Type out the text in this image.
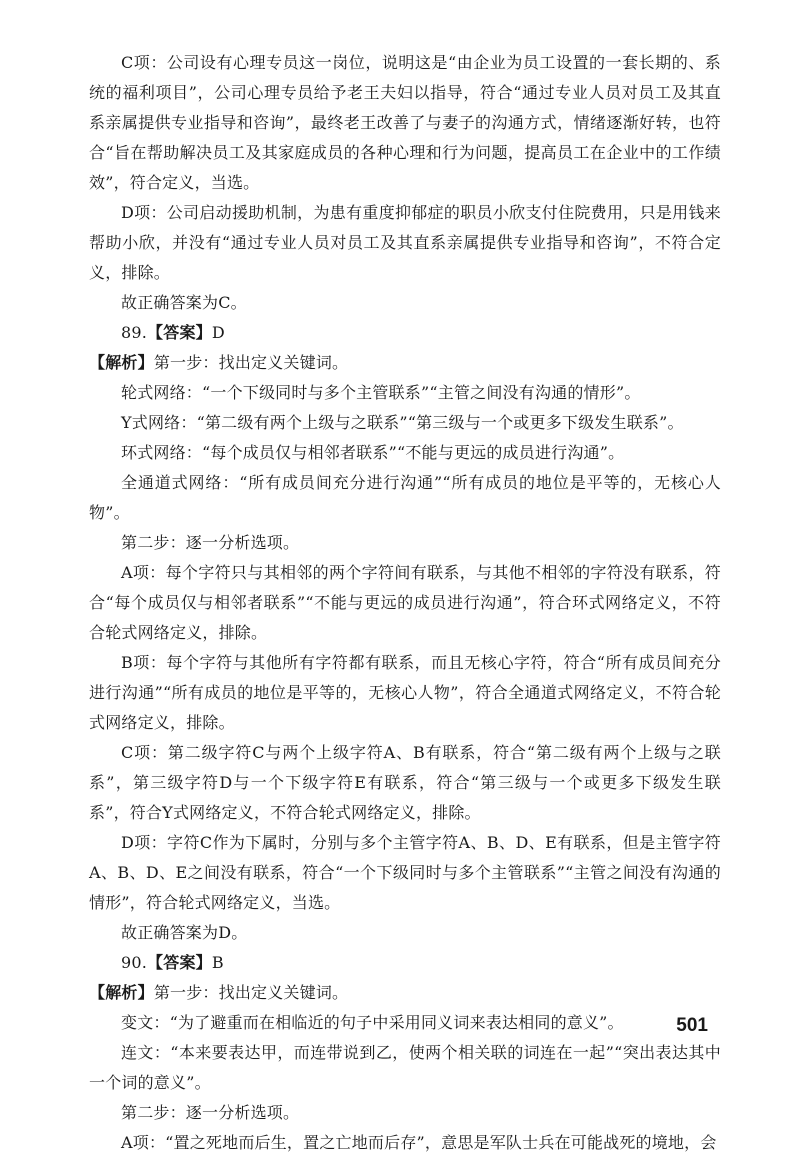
C项：公司设有心理专员这一岗位，说明这是“由企业为员工设置的一套长期的、系统的福利项目”，公司心理专员给予老王夫妇以指导，符合“通过专业人员对员工及其直系亲属提供专业指导和咨询”，最终老王改善了与妻子的沟通方式，情绪逐渐好转，也符合“旨在帮助解决员工及其家庭成员的各种心理和行为问题，提高员工在企业中的工作绩效”，符合定义，当选。

D项：公司启动援助机制，为患有重度抑郁症的职员小欣支付住院费用，只是用钱来帮助小欣，并没有“通过专业人员对员工及其直系亲属提供专业指导和咨询”，不符合定义，排除。

故正确答案为C。

89.【答案】D

【解析】第一步：找出定义关键词。

轮式网络：“一个下级同时与多个主管联系”“主管之间没有沟通的情形”。

Y式网络：“第二级有两个上级与之联系”“第三级与一个或更多下级发生联系”。

环式网络：“每个成员仅与相邻者联系”“不能与更远的成员进行沟通”。

全通道式网络：“所有成员间充分进行沟通”“所有成员的地位是平等的，无核心人物”。

第二步：逐一分析选项。

A项：每个字符只与其相邻的两个字符间有联系，与其他不相邻的字符没有联系，符合“每个成员仅与相邻者联系”“不能与更远的成员进行沟通”，符合环式网络定义，不符合轮式网络定义，排除。

B项：每个字符与其他所有字符都有联系，而且无核心字符，符合“所有成员间充分进行沟通”“所有成员的地位是平等的，无核心人物”，符合全通道式网络定义，不符合轮式网络定义，排除。

C项：第二级字符C与两个上级字符A、B有联系，符合“第二级有两个上级与之联系”，第三级字符D与一个下级字符E有联系，符合“第三级与一个或更多下级发生联系”，符合Y式网络定义，不符合轮式网络定义，排除。

D项：字符C作为下属时，分别与多个主管字符A、B、D、E有联系，但是主管字符A、B、D、E之间没有联系，符合“一个下级同时与多个主管联系”“主管之间没有沟通的情形”，符合轮式网络定义，当选。

故正确答案为D。

90.【答案】B

【解析】第一步：找出定义关键词。

变文：“为了避重而在相临近的句子中采用同义词来表达相同的意义”。

连文：“本来要表达甲，而连带说到乙，使两个相关联的词连在一起”“突出表达其中一个词的意义”。

第二步：逐一分析选项。

A项：“置之死地而后生，置之亡地而后存”，意思是军队士兵在可能战死的境地，会

501
